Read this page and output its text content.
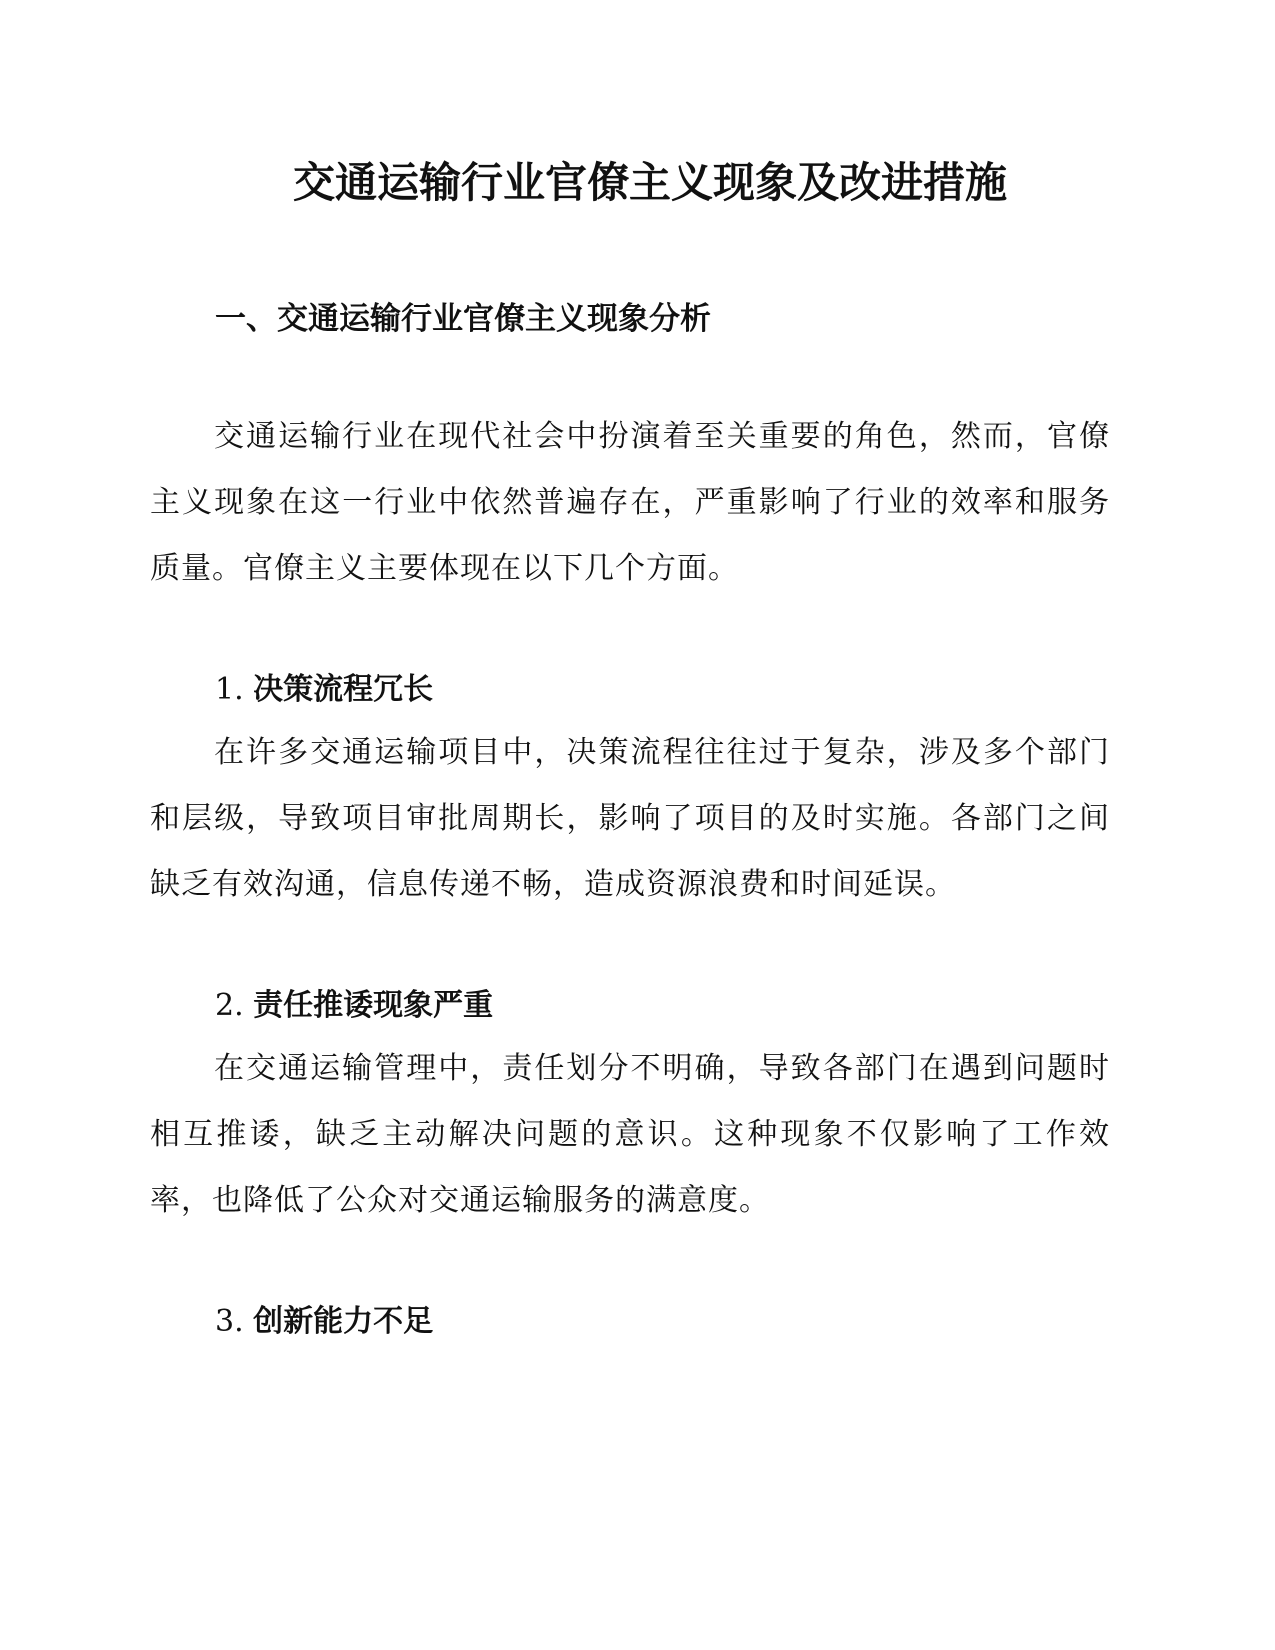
交通运输行业官僚主义现象及改进措施
一、交通运输行业官僚主义现象分析

交通运输行业在现代社会中扮演着至关重要的角色，然而，官僚主义现象在这一行业中依然普遍存在，严重影响了行业的效率和服务质量。官僚主义主要体现在以下几个方面。

1. 决策流程冗长

在许多交通运输项目中，决策流程往往过于复杂，涉及多个部门和层级，导致项目审批周期长，影响了项目的及时实施。各部门之间缺乏有效沟通，信息传递不畅，造成资源浪费和时间延误。

2. 责任推诿现象严重

在交通运输管理中，责任划分不明确，导致各部门在遇到问题时相互推诿，缺乏主动解决问题的意识。这种现象不仅影响了工作效率，也降低了公众对交通运输服务的满意度。

3. 创新能力不足
